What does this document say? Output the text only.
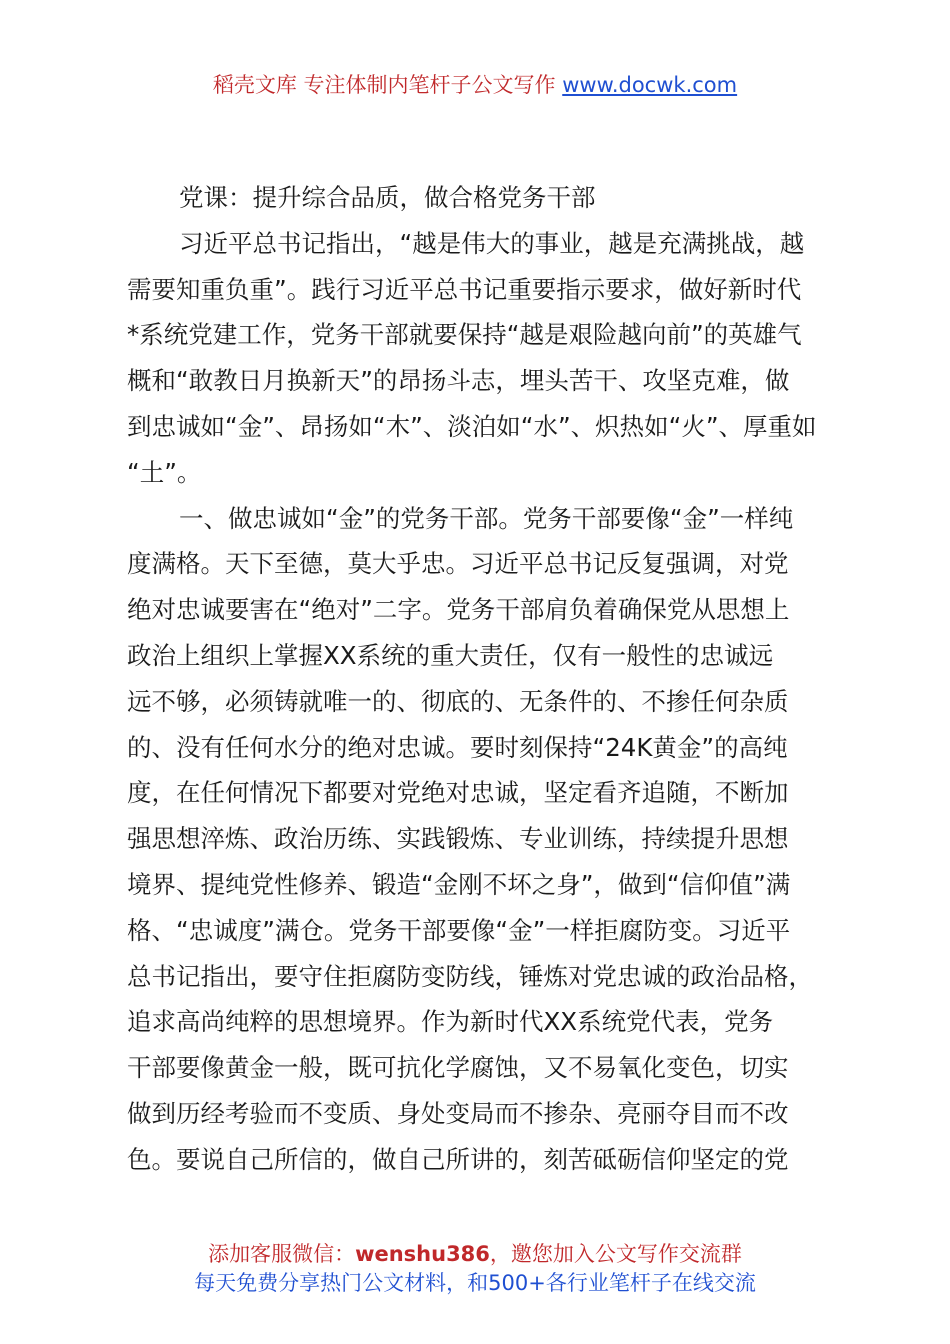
稻壳文库 专注体制内笔杆子公文写作 www.docwk.com
党课：提升综合品质，做合格党务干部
习近平总书记指出，“越是伟大的事业，越是充满挑战，越
需要知重负重”。践行习近平总书记重要指示要求，做好新时代
*系统党建工作，党务干部就要保持“越是艰险越向前”的英雄气
概和“敢教日月换新天”的昂扬斗志，埋头苦干、攻坚克难，做
到忠诚如“金”、昂扬如“木”、淡泊如“水”、炽热如“火”、厚重如
“土”。
一、做忠诚如“金”的党务干部。党务干部要像“金”一样纯
度满格。天下至德，莫大乎忠。习近平总书记反复强调，对党
绝对忠诚要害在“绝对”二字。党务干部肩负着确保党从思想上
政治上组织上掌握XX系统的重大责任，仅有一般性的忠诚远
远不够，必须铸就唯一的、彻底的、无条件的、不掺任何杂质
的、没有任何水分的绝对忠诚。要时刻保持“24K黄金”的高纯
度，在任何情况下都要对党绝对忠诚，坚定看齐追随，不断加
强思想淬炼、政治历练、实践锻炼、专业训练，持续提升思想
境界、提纯党性修养、锻造“金刚不坏之身”，做到“信仰值”满
格、“忠诚度”满仓。党务干部要像“金”一样拒腐防变。习近平
总书记指出，要守住拒腐防变防线，锤炼对党忠诚的政治品格，
追求高尚纯粹的思想境界。作为新时代XX系统党代表，党务
干部要像黄金一般，既可抗化学腐蚀，又不易氧化变色，切实
做到历经考验而不变质、身处变局而不掺杂、亮丽夺目而不改
色。要说自己所信的，做自己所讲的，刻苦砥砺信仰坚定的党
添加客服微信：wenshu386，邀您加入公文写作交流群
每天免费分享热门公文材料，和500+各行业笔杆子在线交流
